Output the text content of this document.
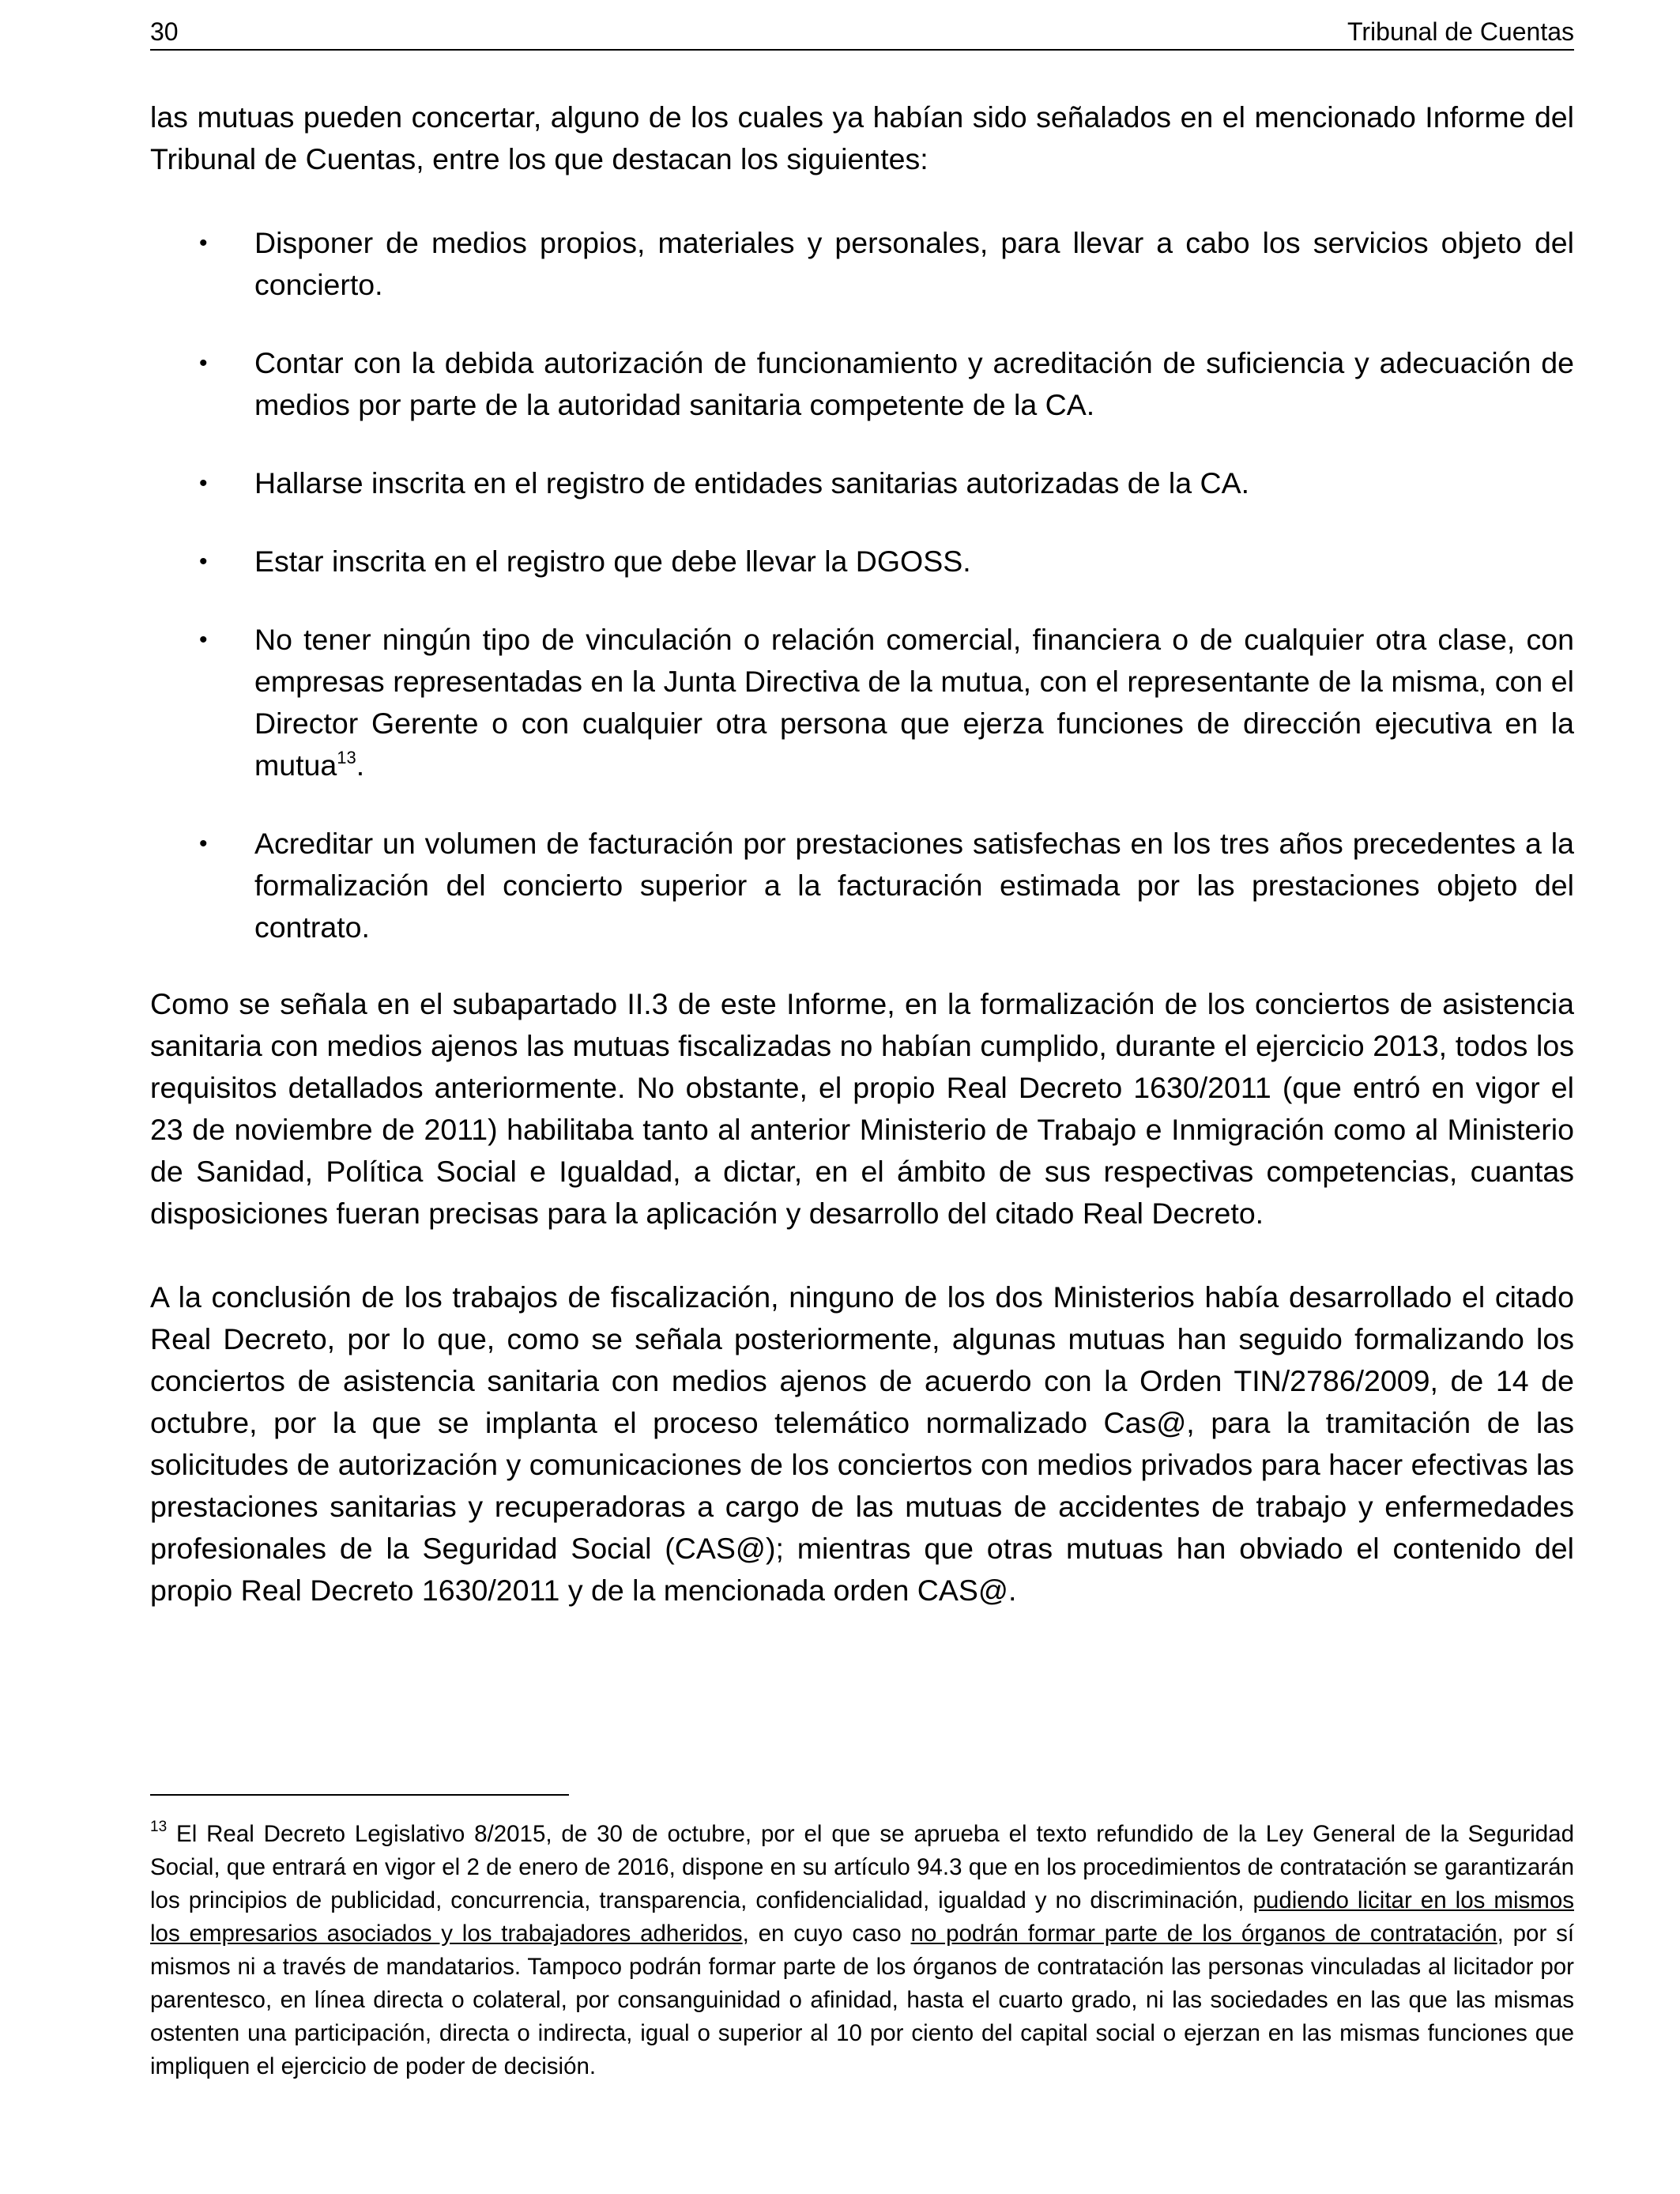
30	Tribunal de Cuentas

las mutuas pueden concertar, alguno de los cuales ya habían sido señalados en el mencionado Informe del Tribunal de Cuentas, entre los que destacan los siguientes:

• Disponer de medios propios, materiales y personales, para llevar a cabo los servicios objeto del concierto.
• Contar con la debida autorización de funcionamiento y acreditación de suficiencia y adecuación de medios por parte de la autoridad sanitaria competente de la CA.
• Hallarse inscrita en el registro de entidades sanitarias autorizadas de la CA.
• Estar inscrita en el registro que debe llevar la DGOSS.
• No tener ningún tipo de vinculación o relación comercial, financiera o de cualquier otra clase, con empresas representadas en la Junta Directiva de la mutua, con el representante de la misma, con el Director Gerente o con cualquier otra persona que ejerza funciones de dirección ejecutiva en la mutua$^{13}$.
• Acreditar un volumen de facturación por prestaciones satisfechas en los tres años precedentes a la formalización del concierto superior a la facturación estimada por las prestaciones objeto del contrato.

Como se señala en el subapartado II.3 de este Informe, en la formalización de los conciertos de asistencia sanitaria con medios ajenos las mutuas fiscalizadas no habían cumplido, durante el ejercicio 2013, todos los requisitos detallados anteriormente. No obstante, el propio Real Decreto 1630/2011 (que entró en vigor el 23 de noviembre de 2011) habilitaba tanto al anterior Ministerio de Trabajo e Inmigración como al Ministerio de Sanidad, Política Social e Igualdad, a dictar, en el ámbito de sus respectivas competencias, cuantas disposiciones fueran precisas para la aplicación y desarrollo del citado Real Decreto.

A la conclusión de los trabajos de fiscalización, ninguno de los dos Ministerios había desarrollado el citado Real Decreto, por lo que, como se señala posteriormente, algunas mutuas han seguido formalizando los conciertos de asistencia sanitaria con medios ajenos de acuerdo con la Orden TIN/2786/2009, de 14 de octubre, por la que se implanta el proceso telemático normalizado Cas@, para la tramitación de las solicitudes de autorización y comunicaciones de los conciertos con medios privados para hacer efectivas las prestaciones sanitarias y recuperadoras a cargo de las mutuas de accidentes de trabajo y enfermedades profesionales de la Seguridad Social (CAS@); mientras que otras mutuas han obviado el contenido del propio Real Decreto 1630/2011 y de la mencionada orden CAS@.

$^{13}$ El Real Decreto Legislativo 8/2015, de 30 de octubre, por el que se aprueba el texto refundido de la Ley General de la Seguridad Social, que entrará en vigor el 2 de enero de 2016, dispone en su artículo 94.3 que en los procedimientos de contratación se garantizarán los principios de publicidad, concurrencia, transparencia, confidencialidad, igualdad y no discriminación, pudiendo licitar en los mismos los empresarios asociados y los trabajadores adheridos, en cuyo caso no podrán formar parte de los órganos de contratación, por sí mismos ni a través de mandatarios. Tampoco podrán formar parte de los órganos de contratación las personas vinculadas al licitador por parentesco, en línea directa o colateral, por consanguinidad o afinidad, hasta el cuarto grado, ni las sociedades en las que las mismas ostenten una participación, directa o indirecta, igual o superior al 10 por ciento del capital social o ejerzan en las mismas funciones que impliquen el ejercicio de poder de decisión.
